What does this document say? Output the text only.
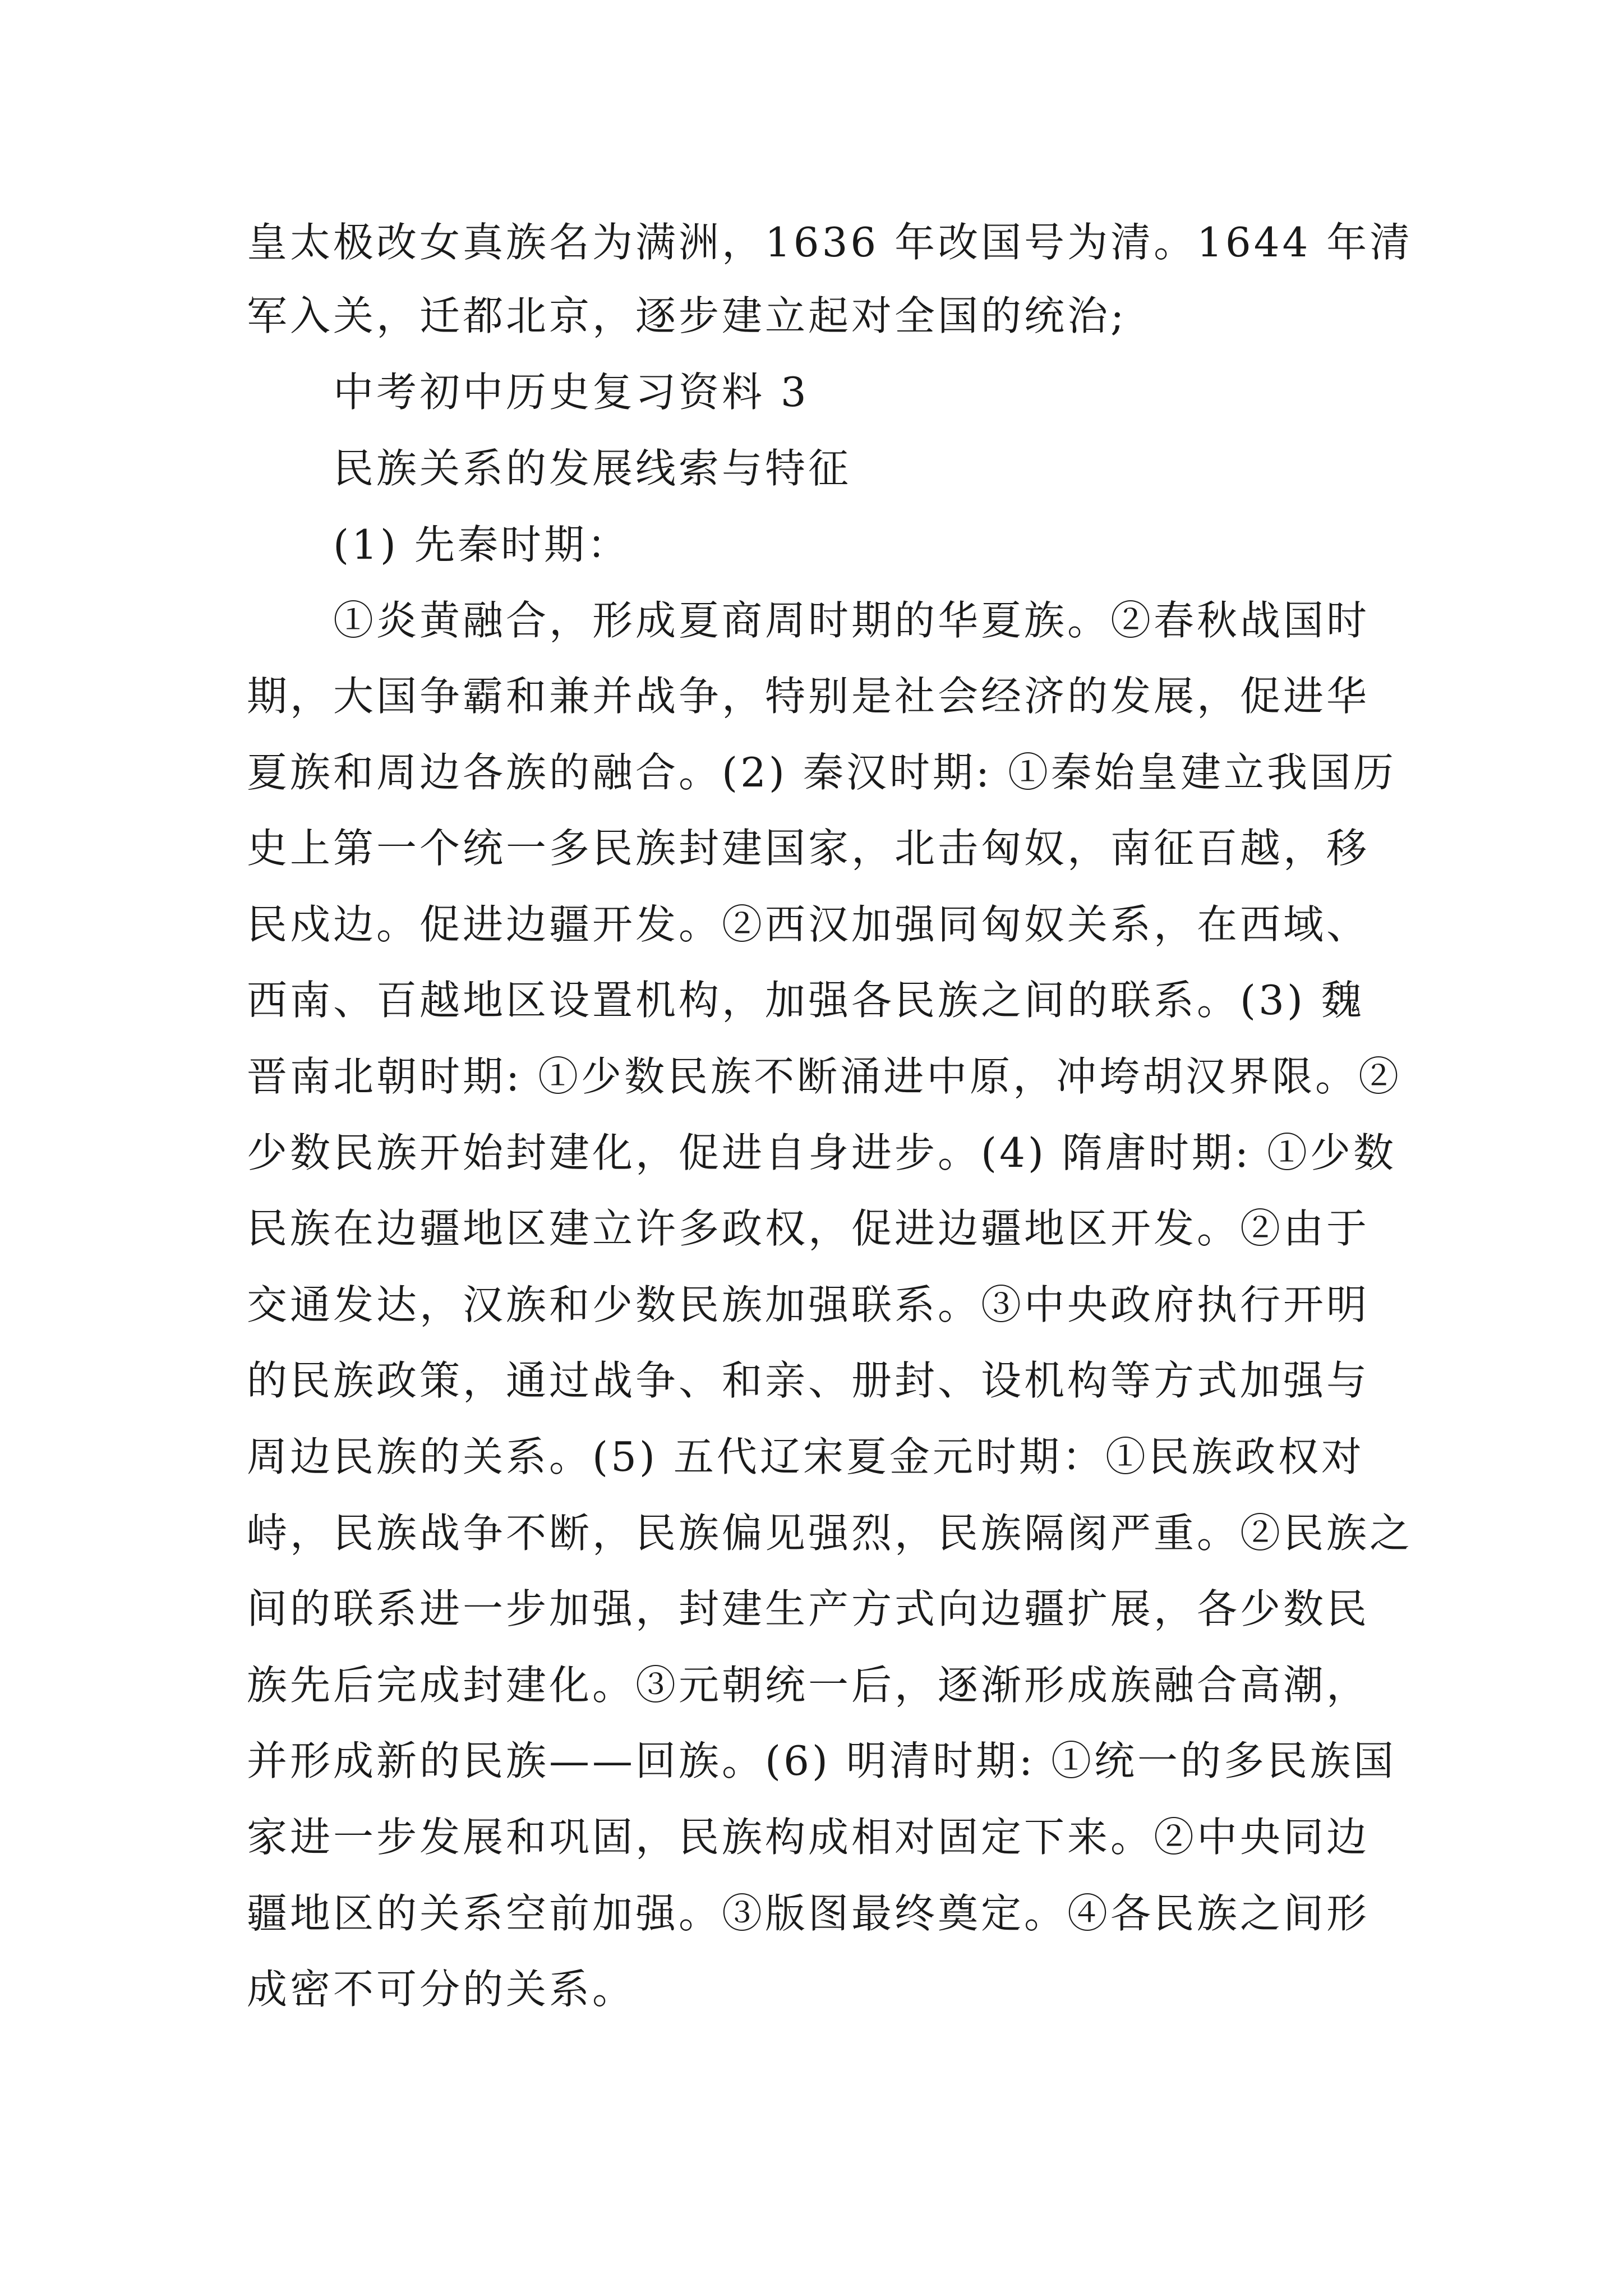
皇太极改女真族名为满洲，1636 年改国号为清。1644 年清
军入关，迁都北京，逐步建立起对全国的统治;
中考初中历史复习资料 3
民族关系的发展线索与特征
(1) 先秦时期：
①炎黄融合，形成夏商周时期的华夏族。②春秋战国时
期，大国争霸和兼并战争，特别是社会经济的发展，促进华
夏族和周边各族的融合。(2) 秦汉时期: ①秦始皇建立我国历
史上第一个统一多民族封建国家，北击匈奴，南征百越，移
民戍边。促进边疆开发。②西汉加强同匈奴关系，在西域、
西南、百越地区设置机构，加强各民族之间的联系。(3) 魏
晋南北朝时期: ①少数民族不断涌进中原，冲垮胡汉界限。②
少数民族开始封建化，促进自身进步。(4) 隋唐时期: ①少数
民族在边疆地区建立许多政权，促进边疆地区开发。②由于
交通发达，汉族和少数民族加强联系。③中央政府执行开明
的民族政策，通过战争、和亲、册封、设机构等方式加强与
周边民族的关系。(5) 五代辽宋夏金元时期：①民族政权对
峙，民族战争不断，民族偏见强烈，民族隔阂严重。②民族之
间的联系进一步加强，封建生产方式向边疆扩展，各少数民
族先后完成封建化。③元朝统一后，逐渐形成族融合高潮，
并形成新的民族——回族。(6) 明清时期: ①统一的多民族国
家进一步发展和巩固，民族构成相对固定下来。②中央同边
疆地区的关系空前加强。③版图最终奠定。④各民族之间形
成密不可分的关系。
